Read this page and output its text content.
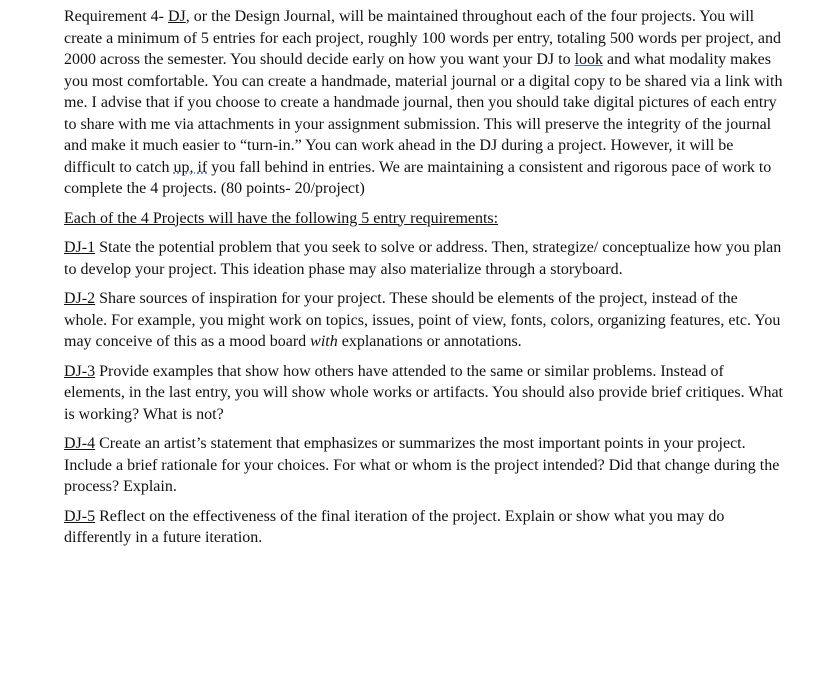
Requirement 4- DJ, or the Design Journal, will be maintained throughout each of the four projects. You will create a minimum of 5 entries for each project, roughly 100 words per entry, totaling 500 words per project, and 2000 across the semester. You should decide early on how you want your DJ to look and what modality makes you most comfortable. You can create a handmade, material journal or a digital copy to be shared via a link with me. I advise that if you choose to create a handmade journal, then you should take digital pictures of each entry to share with me via attachments in your assignment submission. This will preserve the integrity of the journal and make it much easier to “turn-in.” You can work ahead in the DJ during a project. However, it will be difficult to catch up, if you fall behind in entries. We are maintaining a consistent and rigorous pace of work to complete the 4 projects. (80 points- 20/project)

Each of the 4 Projects will have the following 5 entry requirements:

DJ-1 State the potential problem that you seek to solve or address. Then, strategize/ conceptualize how you plan to develop your project. This ideation phase may also materialize through a storyboard.

DJ-2 Share sources of inspiration for your project. These should be elements of the project, instead of the whole. For example, you might work on topics, issues, point of view, fonts, colors, organizing features, etc. You may conceive of this as a mood board with explanations or annotations.

DJ-3 Provide examples that show how others have attended to the same or similar problems. Instead of elements, in the last entry, you will show whole works or artifacts. You should also provide brief critiques. What is working? What is not?

DJ-4 Create an artist’s statement that emphasizes or summarizes the most important points in your project. Include a brief rationale for your choices. For what or whom is the project intended? Did that change during the process? Explain.

DJ-5 Reflect on the effectiveness of the final iteration of the project. Explain or show what you may do differently in a future iteration.
